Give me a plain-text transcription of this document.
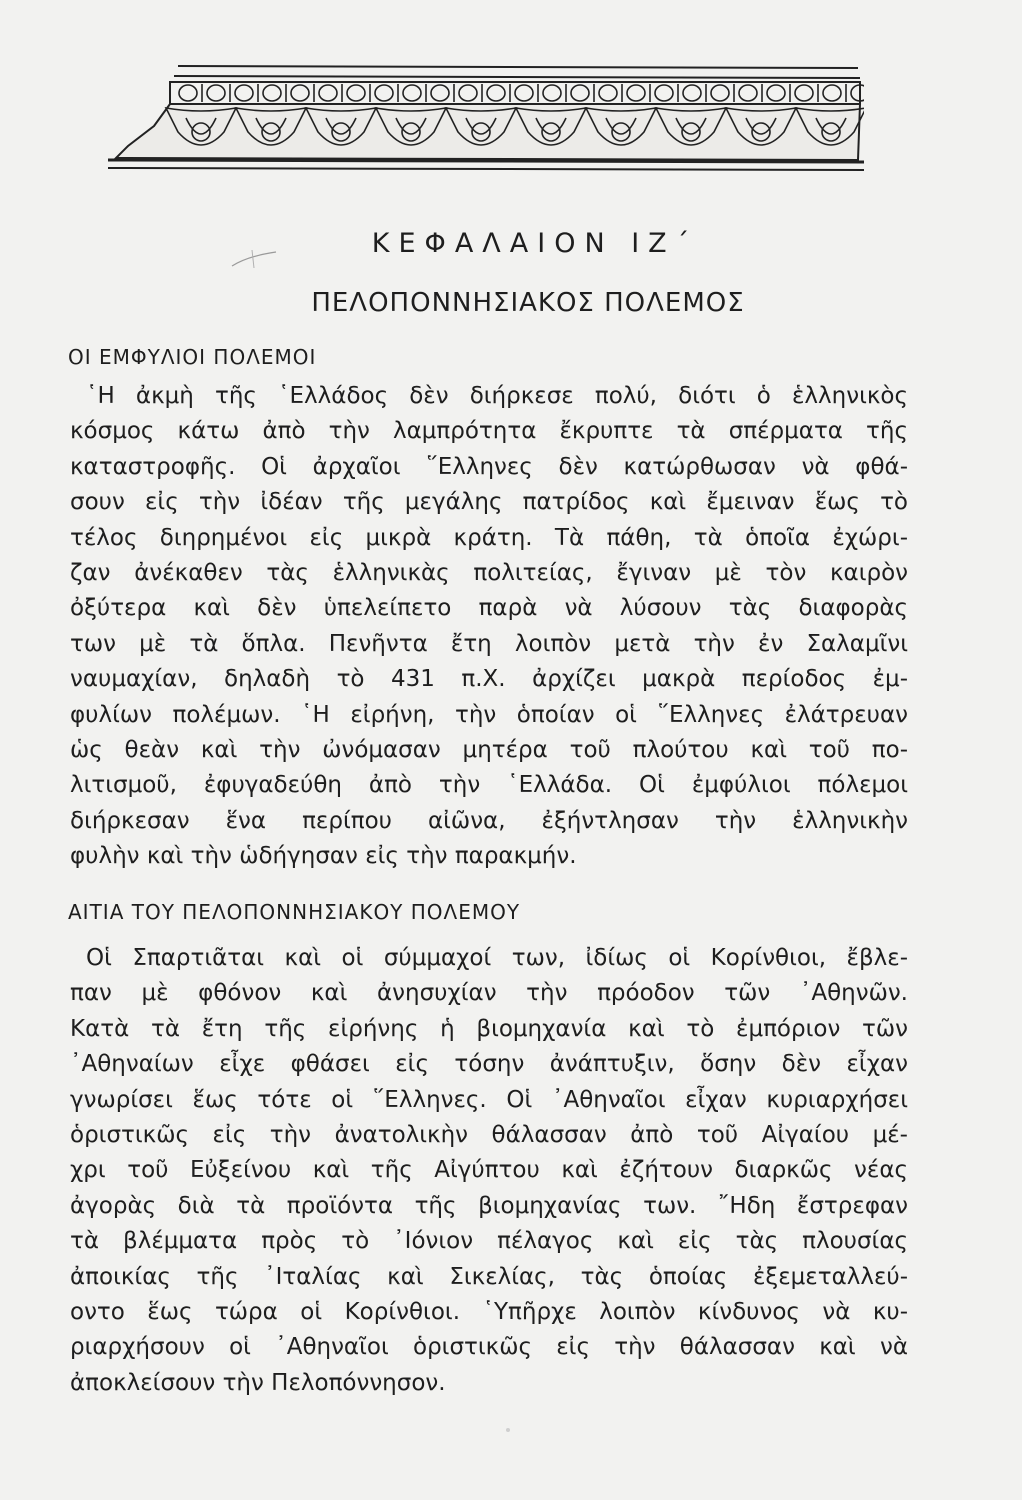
ΚΕΦΑΛΑΙΟΝ ΙΖ΄
ΠΕΛΟΠΟΝΝΗΣΙΑΚΟΣ ΠΟΛΕΜΟΣ
ΟΙ ΕΜΦΥΛΙΟΙ ΠΟΛΕΜΟΙ

῾Η ἀκμὴ τῆς ῾Ελλάδος δὲν διήρκεσε πολύ, διότι ὁ ἑλληνικὸς
κόσμος κάτω ἀπὸ τὴν λαμπρότητα ἔκρυπτε τὰ σπέρματα τῆς
καταστροφῆς. Οἱ ἀρχαῖοι ῞Ελληνες δὲν κατώρθωσαν νὰ φθά-
σουν εἰς τὴν ἰδέαν τῆς μεγάλης πατρίδος καὶ ἔμειναν ἕως τὸ
τέλος διηρημένοι εἰς μικρὰ κράτη. Τὰ πάθη, τὰ ὁποῖα ἐχώρι-
ζαν ἀνέκαθεν τὰς ἑλληνικὰς πολιτείας, ἔγιναν μὲ τὸν καιρὸν
ὀξύτερα καὶ δὲν ὑπελείπετο παρὰ νὰ λύσουν τὰς διαφορὰς
των μὲ τὰ ὅπλα. Πενῆντα ἔτη λοιπὸν μετὰ τὴν ἐν Σαλαμῖνι
ναυμαχίαν, δηλαδὴ τὸ 431 π.Χ. ἀρχίζει μακρὰ περίοδος ἐμ-
φυλίων πολέμων. ῾Η εἰρήνη, τὴν ὁποίαν οἱ ῞Ελληνες ἐλάτρευαν
ὡς θεὰν καὶ τὴν ὠνόμασαν μητέρα τοῦ πλούτου καὶ τοῦ πο-
λιτισμοῦ, ἐφυγαδεύθη ἀπὸ τὴν ῾Ελλάδα. Οἱ ἐμφύλιοι πόλεμοι
διήρκεσαν ἕνα περίπου αἰῶνα, ἐξήντλησαν τὴν ἑλληνικὴν
φυλὴν καὶ τὴν ὡδήγησαν εἰς τὴν παρακμήν.

ΑΙΤΙΑ ΤΟΥ ΠΕΛΟΠΟΝΝΗΣΙΑΚΟΥ ΠΟΛΕΜΟΥ

Οἱ Σπαρτιᾶται καὶ οἱ σύμμαχοί των, ἰδίως οἱ Κορίνθιοι, ἔβλε-
παν μὲ φθόνον καὶ ἀνησυχίαν τὴν πρόοδον τῶν ᾿Αθηνῶν.
Κατὰ τὰ ἔτη τῆς εἰρήνης ἡ βιομηχανία καὶ τὸ ἐμπόριον τῶν
᾿Αθηναίων εἶχε φθάσει εἰς τόσην ἀνάπτυξιν, ὅσην δὲν εἶχαν
γνωρίσει ἕως τότε οἱ ῞Ελληνες. Οἱ ᾿Αθηναῖοι εἶχαν κυριαρχήσει
ὁριστικῶς εἰς τὴν ἀνατολικὴν θάλασσαν ἀπὸ τοῦ Αἰγαίου μέ-
χρι τοῦ Εὐξείνου καὶ τῆς Αἰγύπτου καὶ ἐζήτουν διαρκῶς νέας
ἀγορὰς διὰ τὰ προϊόντα τῆς βιομηχανίας των. ῎Ηδη ἔστρεφαν
τὰ βλέμματα πρὸς τὸ ᾿Ιόνιον πέλαγος καὶ εἰς τὰς πλουσίας
ἀποικίας τῆς ᾿Ιταλίας καὶ Σικελίας, τὰς ὁποίας ἐξεμεταλλεύ-
οντο ἕως τώρα οἱ Κορίνθιοι. ῾Υπῆρχε λοιπὸν κίνδυνος νὰ κυ-
ριαρχήσουν οἱ ᾿Αθηναῖοι ὁριστικῶς εἰς τὴν θάλασσαν καὶ νὰ
ἀποκλείσουν τὴν Πελοπόννησον.
